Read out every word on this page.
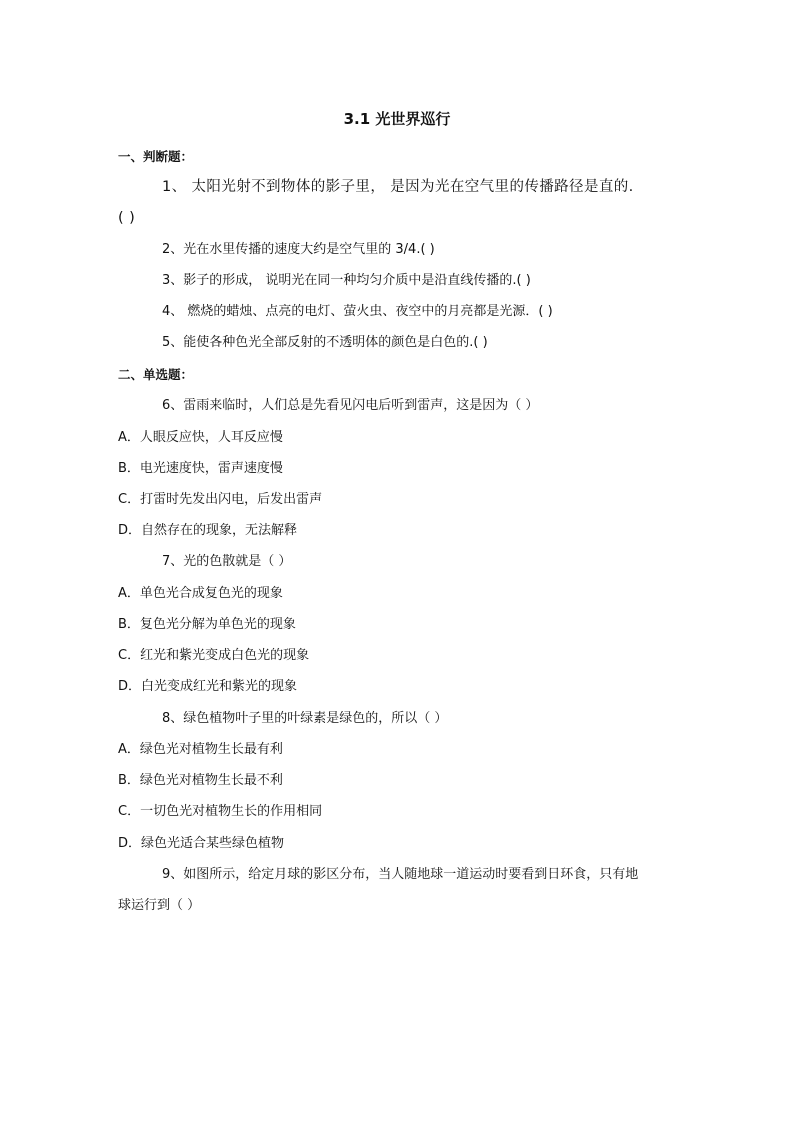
3.1 光世界巡行
一、判断题：
1、 太阳光射不到物体的影子里， 是因为光在空气里的传播路径是直的.
( )
2、光在水里传播的速度大约是空气里的 3/4.( )
3、影子的形成， 说明光在同一种均匀介质中是沿直线传播的.( )
4、 燃烧的蜡烛、点亮的电灯、萤火虫、夜空中的月亮都是光源．( )
5、能使各种色光全部反射的不透明体的颜色是白色的.( )
二、单选题：
6、雷雨来临时，人们总是先看见闪电后听到雷声，这是因为（ ）
A．人眼反应快，人耳反应慢
B．电光速度快，雷声速度慢
C．打雷时先发出闪电，后发出雷声
D．自然存在的现象，无法解释
7、光的色散就是（ ）
A．单色光合成复色光的现象
B．复色光分解为单色光的现象
C．红光和紫光变成白色光的现象
D．白光变成红光和紫光的现象
8、绿色植物叶子里的叶绿素是绿色的，所以（ ）
A．绿色光对植物生长最有利
B．绿色光对植物生长最不利
C．一切色光对植物生长的作用相同
D．绿色光适合某些绿色植物
9、如图所示，给定月球的影区分布，当人随地球一道运动时要看到日环食，只有地
球运行到（ ）
